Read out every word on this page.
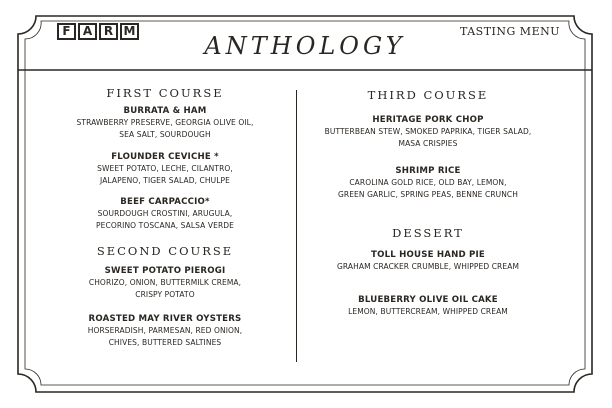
F	A R M
ANTHOLOGY
TASTING MENU

FIRST COURSE

BURRATA & HAM

STRAWBERRY PRESERVE, GEORGIA OLIVE OIL,

SEA SALT, SOURDOUGH

FLOUNDER CEVICHE *

SWEET POTATO, LECHE, CILANTRO,

JALAPENO, TIGER SALAD, CHULPE

BEEF CARPACCIO*

SOURDOUGH CROSTINI, ARUGULA,

PECORINO TOSCANA, SALSA VERDE

SECOND COURSE

SWEET POTATO PIEROGI

CHORIZO, ONION, BUTTERMILK CREMA,

CRISPY POTATO

ROASTED MAY RIVER OYSTERS

HORSERADISH, PARMESAN, RED ONION,

CHIVES, BUTTERED SALTINES

THIRD COURSE

HERITAGE PORK CHOP

BUTTERBEAN STEW, SMOKED PAPRIKA, TIGER SALAD,

MASA CRISPIES

SHRIMP RICE

CAROLINA GOLD RICE, OLD BAY, LEMON,

GREEN GARLIC, SPRING PEAS, BENNE CRUNCH

DESSERT

TOLL HOUSE HAND PIE

GRAHAM CRACKER CRUMBLE, WHIPPED CREAM

BLUEBERRY OLIVE OIL CAKE

LEMON, BUTTERCREAM, WHIPPED CREAM
